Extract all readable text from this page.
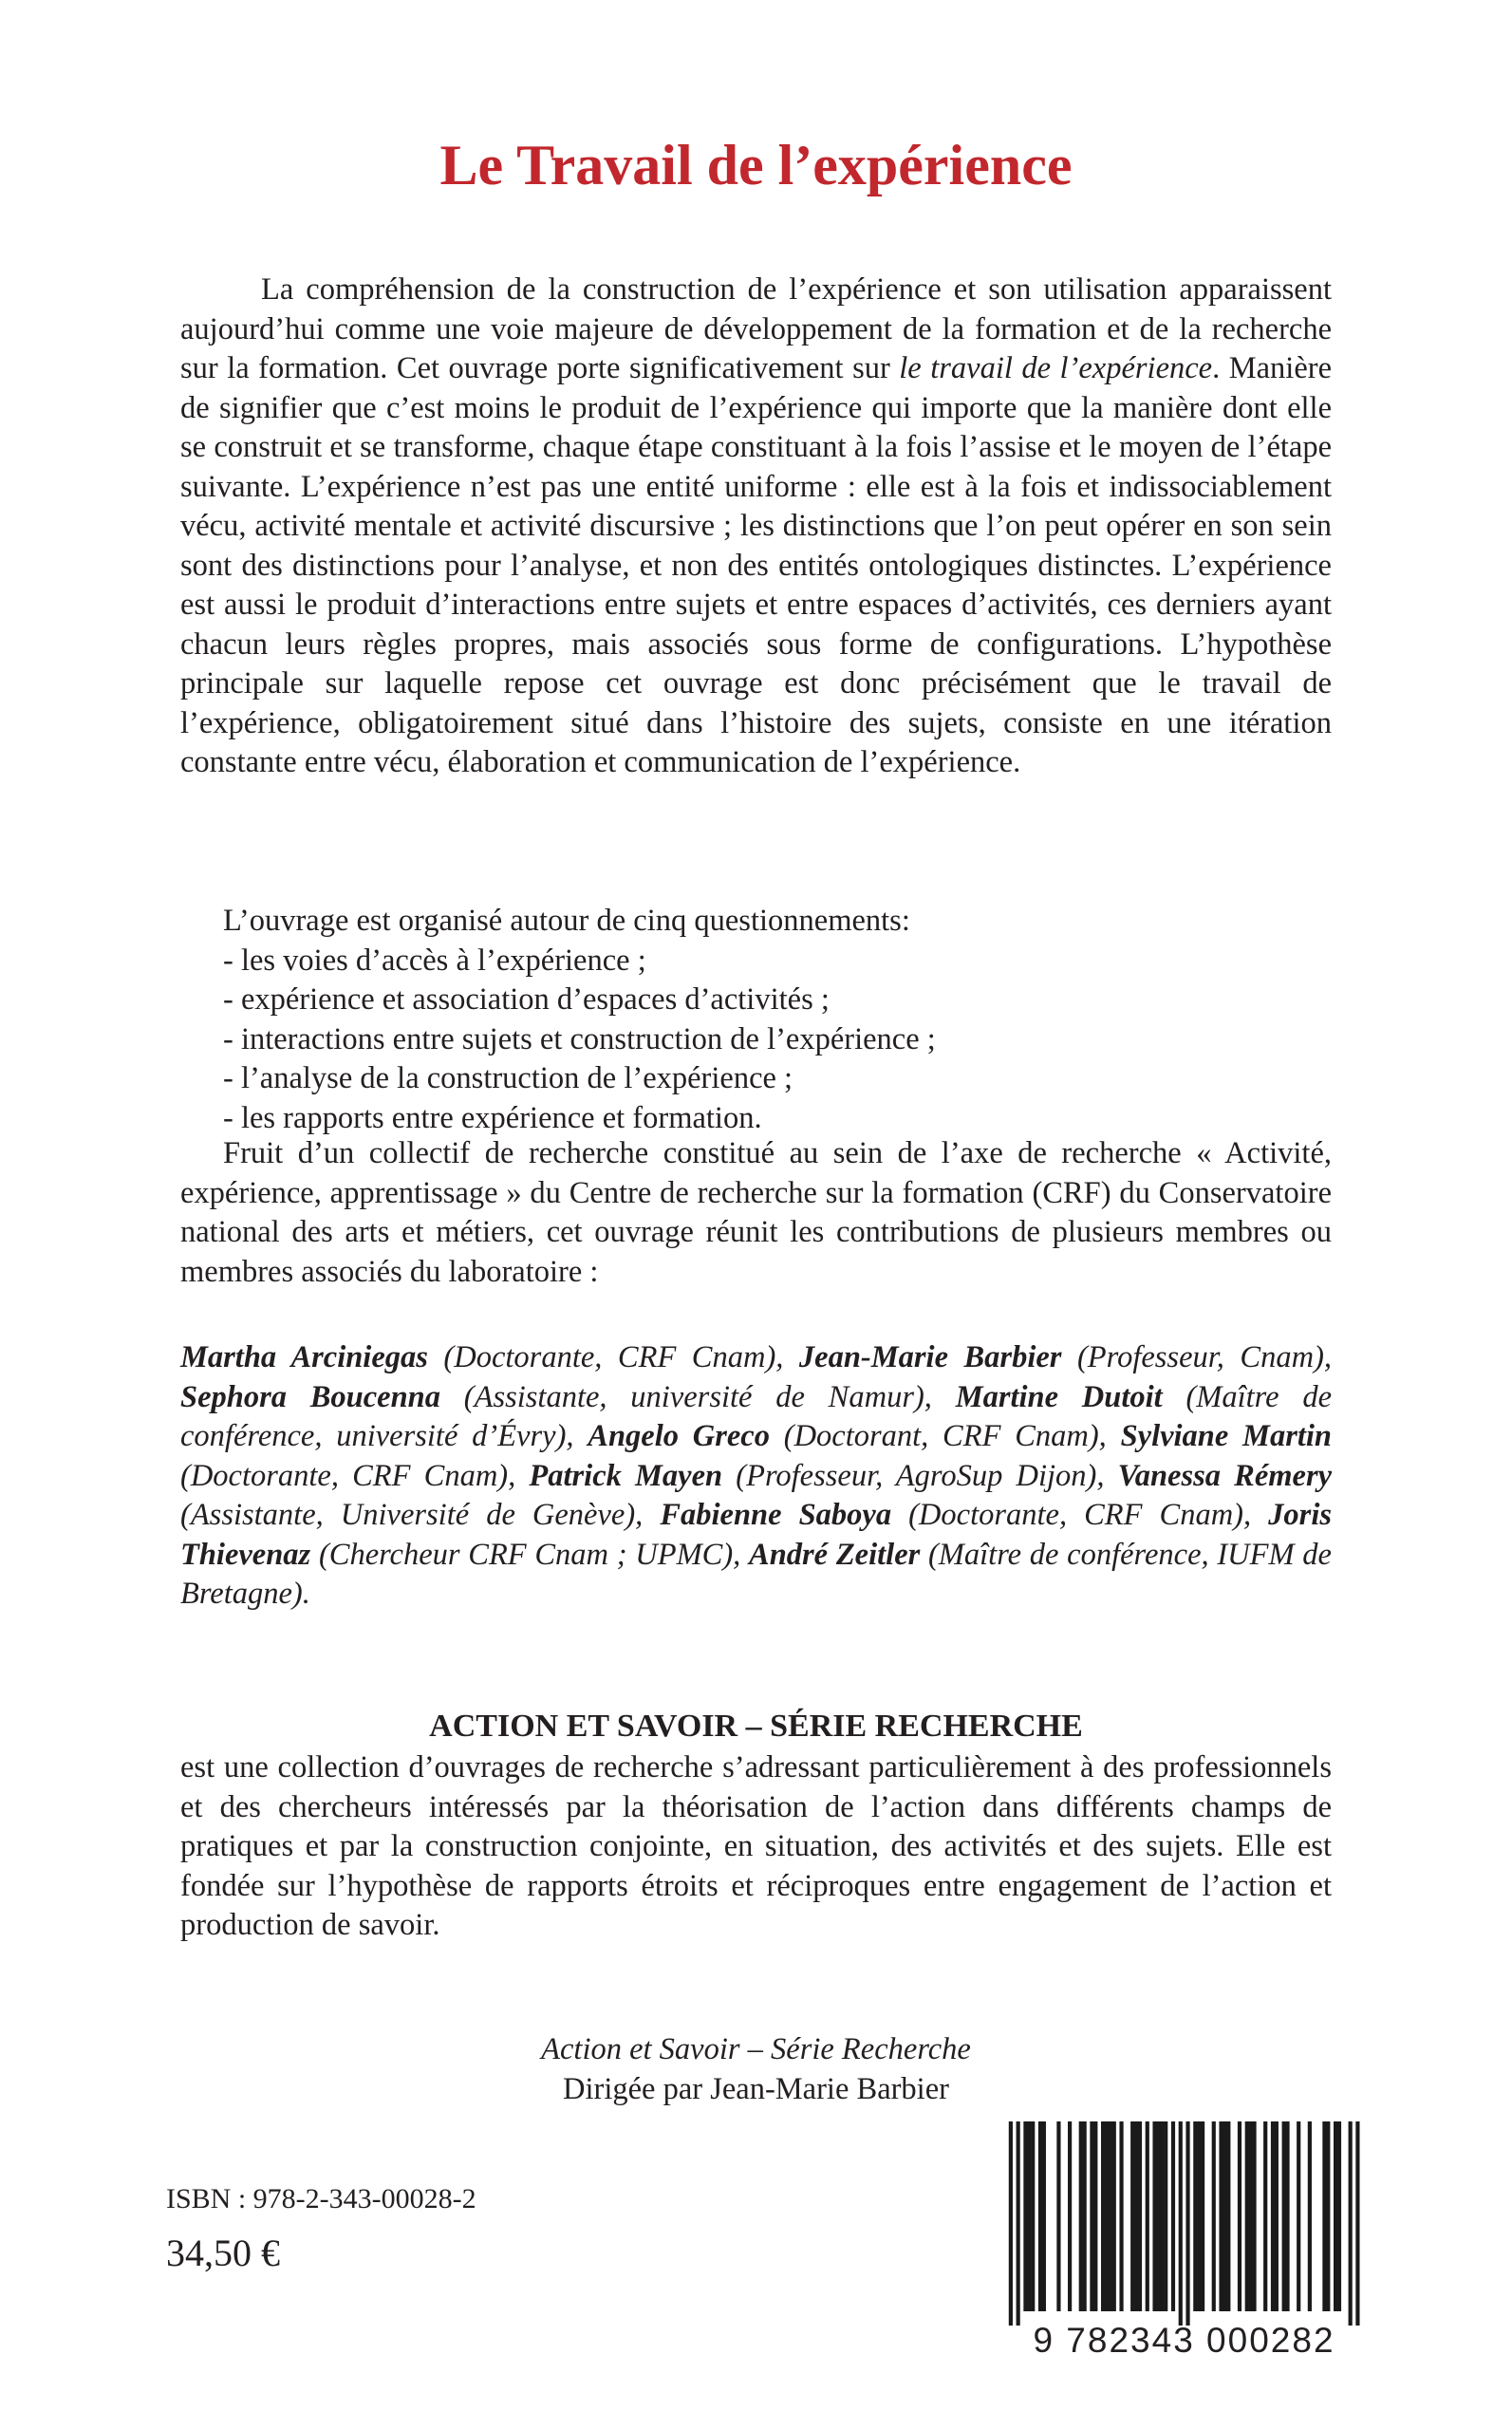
Le Travail de l’expérience

La compréhension de la construction de l’expérience et son utilisation apparaissent aujourd’hui comme une voie majeure de développement de la formation et de la recherche sur la formation. Cet ouvrage porte significativement sur le travail de l’expérience. Manière de signifier que c’est moins le produit de l’expérience qui importe que la manière dont elle se construit et se transforme, chaque étape constituant à la fois l’assise et le moyen de l’étape suivante. L’expérience n’est pas une entité uniforme : elle est à la fois et indissociablement vécu, activité mentale et activité discursive ; les distinctions que l’on peut opérer en son sein sont des distinctions pour l’analyse, et non des entités ontologiques distinctes. L’expérience est aussi le produit d’interactions entre sujets et entre espaces d’activités, ces derniers ayant chacun leurs règles propres, mais associés sous forme de configurations. L’hypothèse principale sur laquelle repose cet ouvrage est donc précisément que le travail de l’expérience, obligatoirement situé dans l’histoire des sujets, consiste en une itération constante entre vécu, élaboration et communication de l’expérience.

L’ouvrage est organisé autour de cinq questionnements:
- les voies d’accès à l’expérience ;
- expérience et association d’espaces d’activités ;
- interactions entre sujets et construction de l’expérience ;
- l’analyse de la construction de l’expérience ;
- les rapports entre expérience et formation.

Fruit d’un collectif de recherche constitué au sein de l’axe de recherche « Activité, expérience, apprentissage » du Centre de recherche sur la formation (CRF) du Conservatoire national des arts et métiers, cet ouvrage réunit les contributions de plusieurs membres ou membres associés du laboratoire :

Martha Arciniegas (Doctorante, CRF Cnam), Jean-Marie Barbier (Professeur, Cnam), Sephora Boucenna (Assistante, université de Namur), Martine Dutoit (Maître de conférence, université d’Évry), Angelo Greco (Doctorant, CRF Cnam), Sylviane Martin (Doctorante, CRF Cnam), Patrick Mayen (Professeur, AgroSup Dijon), Vanessa Rémery (Assistante, Université de Genève), Fabienne Saboya (Doctorante, CRF Cnam), Joris Thievenaz (Chercheur CRF Cnam ; UPMC), André Zeitler (Maître de conférence, IUFM de Bretagne).

ACTION ET SAVOIR – SÉRIE RECHERCHE

est une collection d’ouvrages de recherche s’adressant particulièrement à des professionnels et des chercheurs intéressés par la théorisation de l’action dans différents champs de pratiques et par la construction conjointe, en situation, des activités et des sujets. Elle est fondée sur l’hypothèse de rapports étroits et réciproques entre engagement de l’action et production de savoir.

Action et Savoir – Série Recherche
Dirigée par Jean-Marie Barbier
ISBN : 978-2-343-00028-2
34,50 €
9 782343 000282
